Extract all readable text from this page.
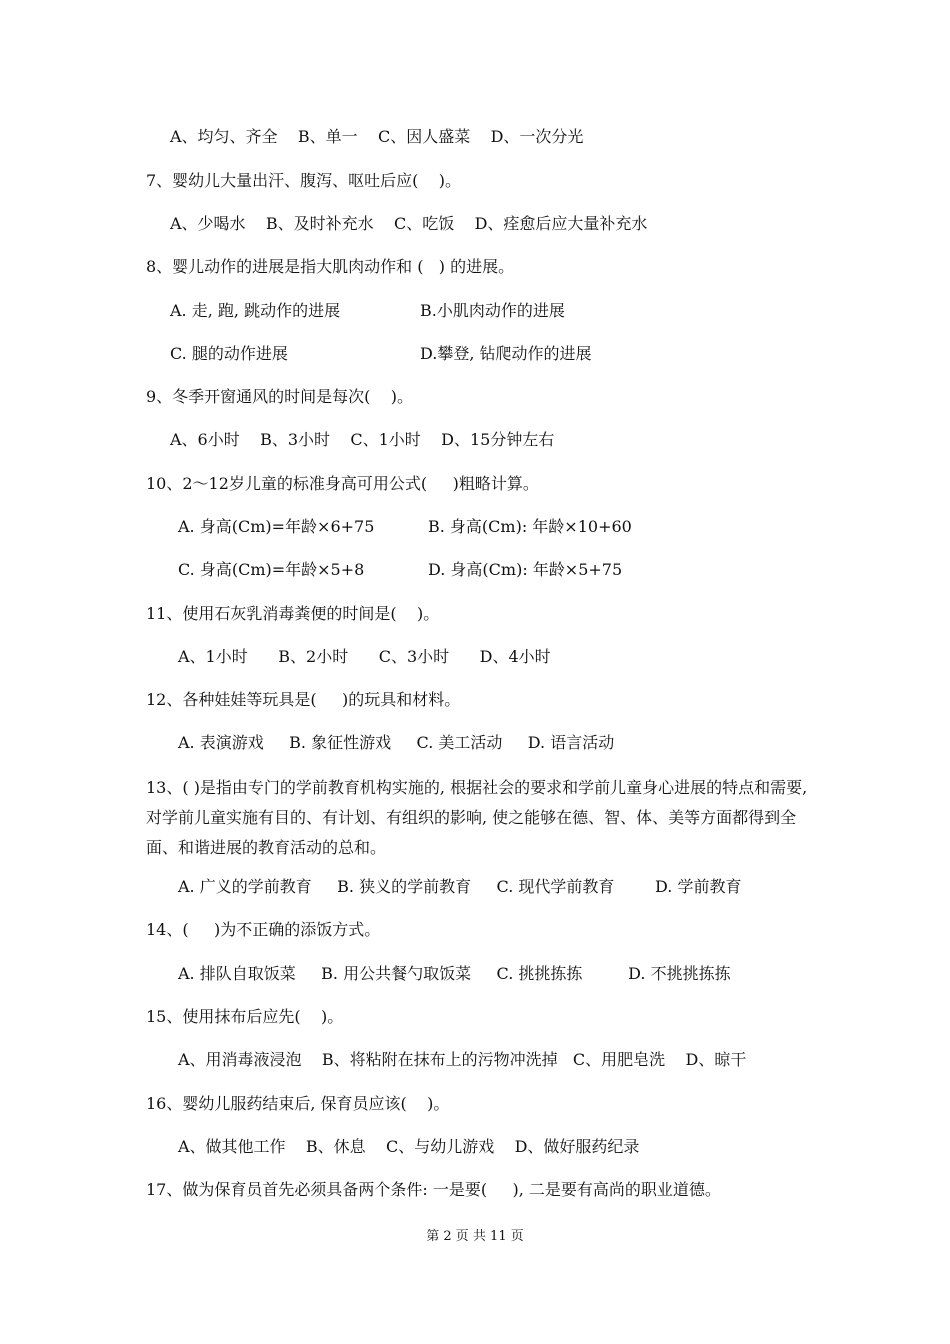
A、均匀、齐全    B、单一    C、因人盛菜    D、一次分光
7、婴幼儿大量出汗、腹泻、呕吐后应(    )。
A、少喝水    B、及时补充水    C、吃饭    D、痊愈后应大量补充水
8、婴儿动作的进展是指大肌肉动作和 (   ) 的进展。
A. 走, 跑, 跳动作的进展	B.小肌肉动作的进展
C. 腿的动作进展	D.攀登, 钻爬动作的进展
9、冬季开窗通风的时间是每次(    )。
A、6小时    B、3小时    C、1小时    D、15分钟左右
10、2～12岁儿童的标准身高可用公式(     )粗略计算。
A. 身高(Cm)=年龄×6+75	B. 身高(Cm): 年龄×10+60
C. 身高(Cm)=年龄×5+8	D. 身高(Cm): 年龄×5+75
11、使用石灰乳消毒粪便的时间是(    )。
A、1小时      B、2小时      C、3小时      D、4小时
12、各种娃娃等玩具是(     )的玩具和材料。
A. 表演游戏     B. 象征性游戏     C. 美工活动     D. 语言活动
13、( )是指由专门的学前教育机构实施的, 根据社会的要求和学前儿童身心进展的特点和需要, 对学前儿童实施有目的、有计划、有组织的影响, 使之能够在德、智、体、美等方面都得到全面、和谐进展的教育活动的总和。
A. 广义的学前教育     B. 狭义的学前教育     C. 现代学前教育        D. 学前教育
14、(     )为不正确的添饭方式。
A. 排队自取饭菜     B. 用公共餐勺取饭菜     C. 挑挑拣拣         D. 不挑挑拣拣
15、使用抹布后应先(    )。
A、用消毒液浸泡    B、将粘附在抹布上的污物冲洗掉   C、用肥皂洗    D、晾干
16、婴幼儿服药结束后, 保育员应该(    )。
A、做其他工作    B、休息    C、与幼儿游戏    D、做好服药纪录
17、做为保育员首先必须具备两个条件: 一是要(     ), 二是要有高尚的职业道德。
第 2 页 共 11 页
